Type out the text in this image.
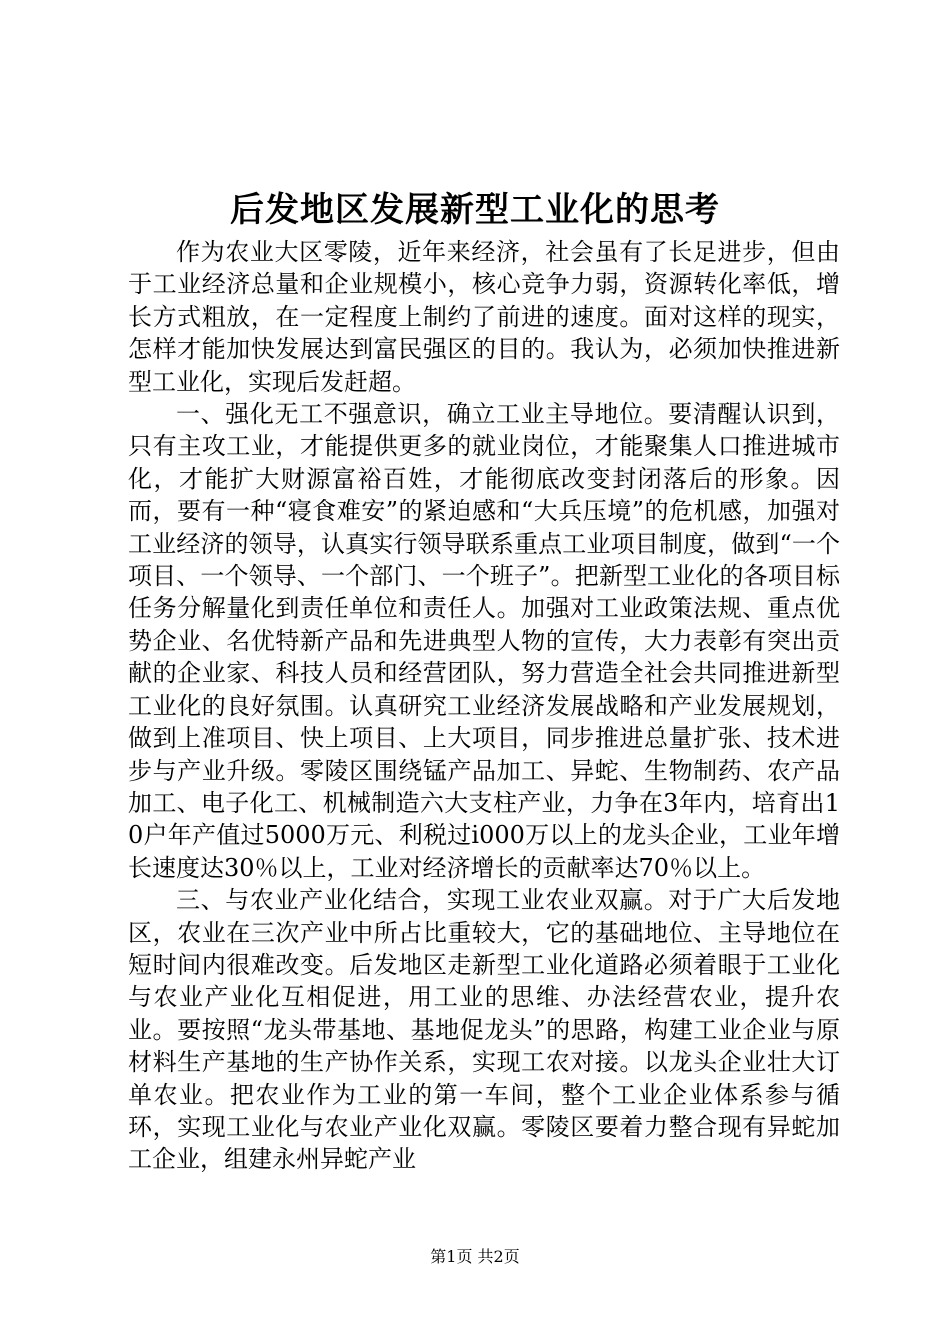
后发地区发展新型工业化的思考

作为农业大区零陵，近年来经济，社会虽有了长足进步，但由于工业经济总量和企业规模小，核心竞争力弱，资源转化率低，增长方式粗放，在一定程度上制约了前进的速度。面对这样的现实，怎样才能加快发展达到富民强区的目的。我认为，必须加快推进新型工业化，实现后发赶超。

一、强化无工不强意识，确立工业主导地位。要清醒认识到，只有主攻工业，才能提供更多的就业岗位，才能聚集人口推进城市化，才能扩大财源富裕百姓，才能彻底改变封闭落后的形象。因而，要有一种“寝食难安”的紧迫感和“大兵压境”的危机感，加强对工业经济的领导，认真实行领导联系重点工业项目制度，做到“一个项目、一个领导、一个部门、一个班子”。把新型工业化的各项目标任务分解量化到责任单位和责任人。加强对工业政策法规、重点优势企业、名优特新产品和先进典型人物的宣传，大力表彰有突出贡献的企业家、科技人员和经营团队，努力营造全社会共同推进新型工业化的良好氛围。认真研究工业经济发展战略和产业发展规划，做到上准项目、快上项目、上大项目，同步推进总量扩张、技术进步与产业升级。零陵区围绕锰产品加工、异蛇、生物制药、农产品加工、电子化工、机械制造六大支柱产业，力争在3年内，培育出10户年产值过5000万元、利税过i000万以上的龙头企业，工业年增长速度达30％以上，工业对经济增长的贡献率达70％以上。

三、与农业产业化结合，实现工业农业双赢。对于广大后发地区，农业在三次产业中所占比重较大，它的基础地位、主导地位在短时间内很难改变。后发地区走新型工业化道路必须着眼于工业化与农业产业化互相促进，用工业的思维、办法经营农业，提升农业。要按照“龙头带基地、基地促龙头”的思路，构建工业企业与原材料生产基地的生产协作关系，实现工农对接。以龙头企业壮大订单农业。把农业作为工业的第一车间，整个工业企业体系参与循环，实现工业化与农业产业化双赢。零陵区要着力整合现有异蛇加工企业，组建永州异蛇产业

第1页 共2页
